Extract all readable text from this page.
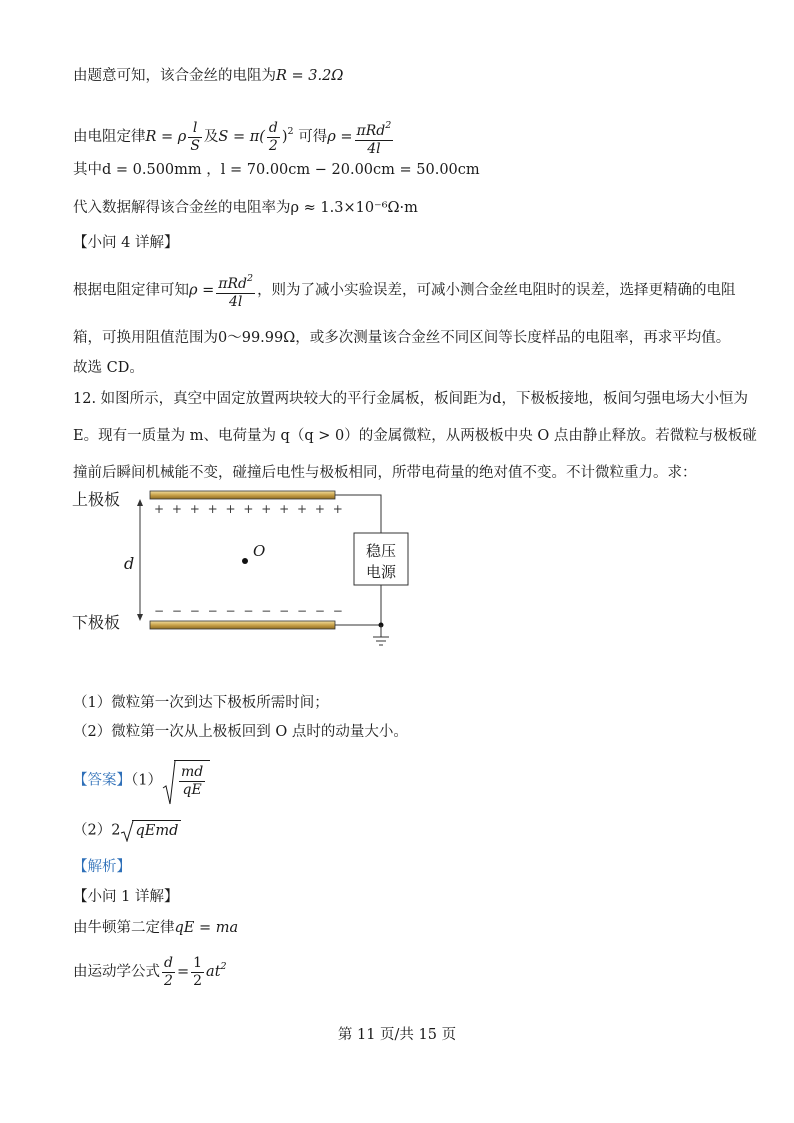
由题意可知，该合金丝的电阻为R = 3.2Ω
由电阻定律R = ρ $\frac{l}{S}$ 及$S = \pi( \frac{d}{2} )^2$ 可得$\rho = \frac{\pi Rd^2}{4l}$
其中d = 0.500mm ，l = 70.00cm − 20.00cm = 50.00cm
代入数据解得该合金丝的电阻率为ρ ≈ 1.3×10⁻⁶Ω·m
【小问 4 详解】
根据电阻定律可知$\rho = \frac{\pi Rd^2}{4l}$ ，则为了减小实验误差，可减小测合金丝电阻时的误差，选择更精确的电阻
箱，可换用阻值范围为0～99.99Ω，或多次测量该合金丝不同区间等长度样品的电阻率，再求平均值。
故选 CD。
12. 如图所示，真空中固定放置两块较大的平行金属板，板间距为d，下极板接地，板间匀强电场大小恒为
E。现有一质量为 m、电荷量为 q（q > 0）的金属微粒，从两极板中央 O 点由静止释放。若微粒与极板碰
撞前后瞬间机械能不变，碰撞后电性与极板相同，所带电荷量的绝对值不变。不计微粒重力。求：
上极板
下极板
+ + + + + + + + + + +
− − − − − − − − − − −
d
O	稳压
电源
（1）微粒第一次到达下极板所需时间；
（2）微粒第一次从上极板回到 O 点时的动量大小。
【答案】$(1) \frac{md}{qE}$
（2）2 qEmd
【解析】
【小问 1 详解】
由牛顿第二定律qE = ma
由运动学公式 $\frac{d}{2} = \frac{1}{2} at^2$
第 11 页/共 15 页
